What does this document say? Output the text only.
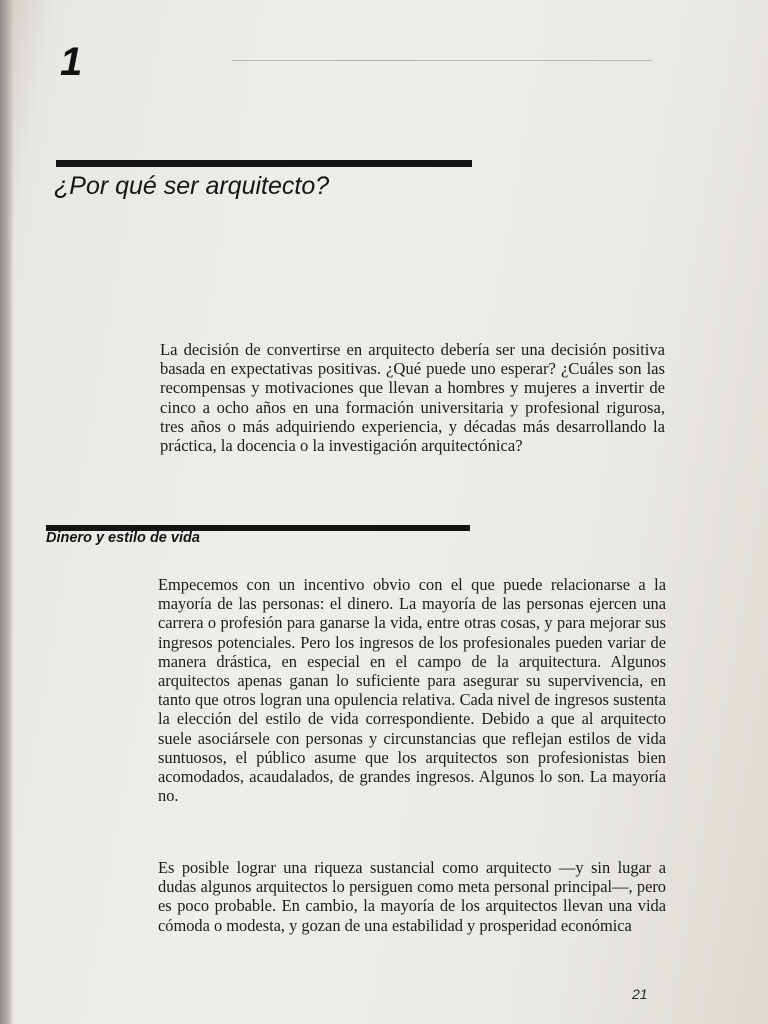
1
¿Por qué ser arquitecto?

La decisión de convertirse en arquitecto debería ser una decisión positiva basada en expectativas positivas. ¿Qué puede uno esperar? ¿Cuáles son las recompensas y motivaciones que llevan a hombres y mujeres a invertir de cinco a ocho años en una formación universitaria y profesional rigurosa, tres años o más adquiriendo experiencia, y décadas más desarrollando la práctica, la docencia o la investigación arquitectónica?

Dinero y estilo de vida

Empecemos con un incentivo obvio con el que puede relacionarse a la mayoría de las personas: el dinero. La mayoría de las personas ejercen una carrera o profesión para ganarse la vida, entre otras cosas, y para mejorar sus ingresos potenciales. Pero los ingresos de los profesionales pueden variar de manera drástica, en especial en el campo de la arquitectura. Algunos arquitectos apenas ganan lo suficiente para asegurar su supervivencia, en tanto que otros logran una opulencia relativa. Cada nivel de ingresos sustenta la elección del estilo de vida correspondiente. Debido a que al arquitecto suele asociársele con personas y circunstancias que reflejan estilos de vida suntuosos, el público asume que los arquitectos son profesionistas bien acomodados, acaudalados, de grandes ingresos. Algunos lo son. La mayoría no.

Es posible lograr una riqueza sustancial como arquitecto —y sin lugar a dudas algunos arquitectos lo persiguen como meta personal principal—, pero es poco probable. En cambio, la mayoría de los arquitectos llevan una vida cómoda o modesta, y gozan de una estabilidad y prosperidad económica

21
